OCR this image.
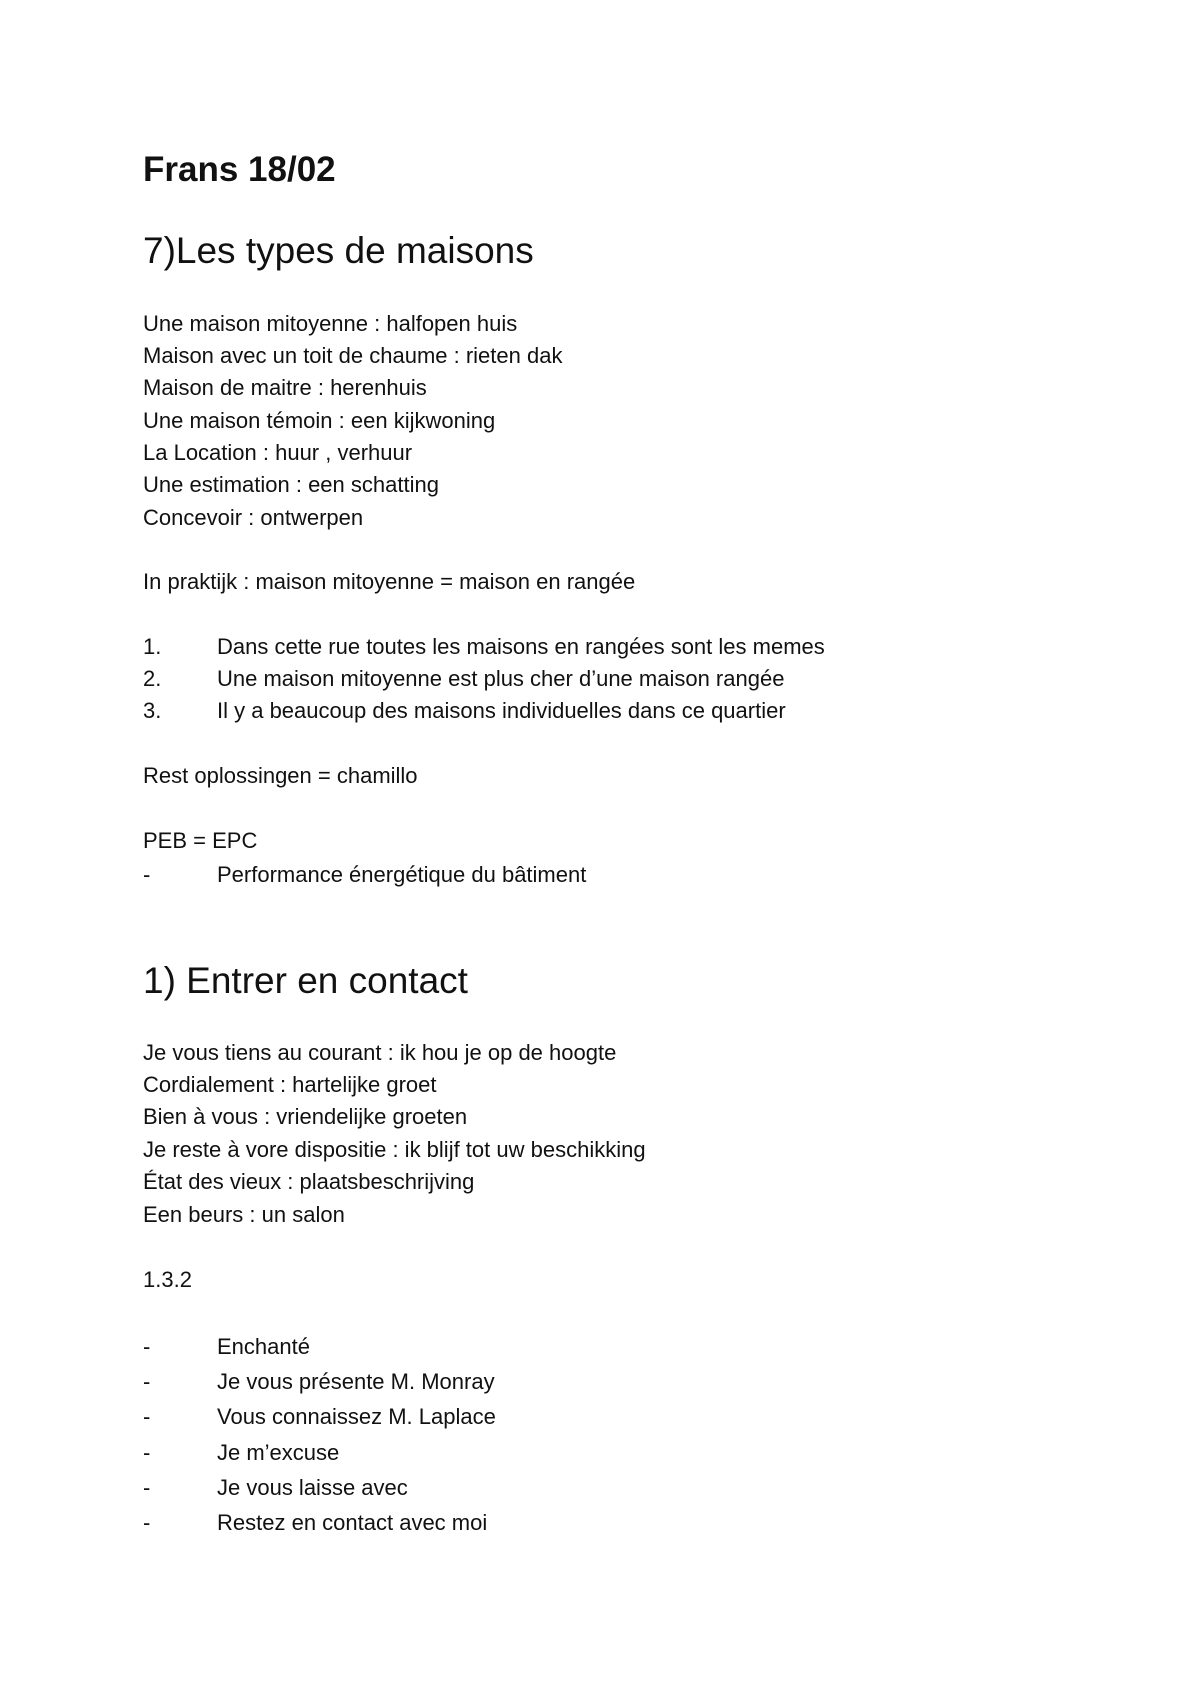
Frans 18/02
7)Les types de maisons
Une maison mitoyenne : halfopen huis
Maison avec un toit de chaume : rieten dak
Maison de maitre : herenhuis
Une maison témoin : een kijkwoning
La Location : huur , verhuur
Une estimation : een schatting
Concevoir : ontwerpen
In praktijk : maison mitoyenne = maison en rangée
1.	Dans cette rue toutes les maisons en rangées sont les memes
2.	Une maison mitoyenne est plus cher d’une maison rangée
3.	Il y a beaucoup des maisons individuelles dans ce quartier
Rest oplossingen = chamillo
PEB = EPC
-	Performance énergétique du bâtiment
1) Entrer en contact
Je vous tiens au courant : ik hou je op de hoogte
Cordialement : hartelijke groet
Bien à vous : vriendelijke groeten
Je reste à vore dispositie : ik blijf tot uw beschikking
État des vieux : plaatsbeschrijving
Een beurs : un salon
1.3.2
-	Enchanté
-	Je vous présente M. Monray
-	Vous connaissez M. Laplace
-	Je m’excuse
-	Je vous laisse avec
-	Restez en contact avec moi
